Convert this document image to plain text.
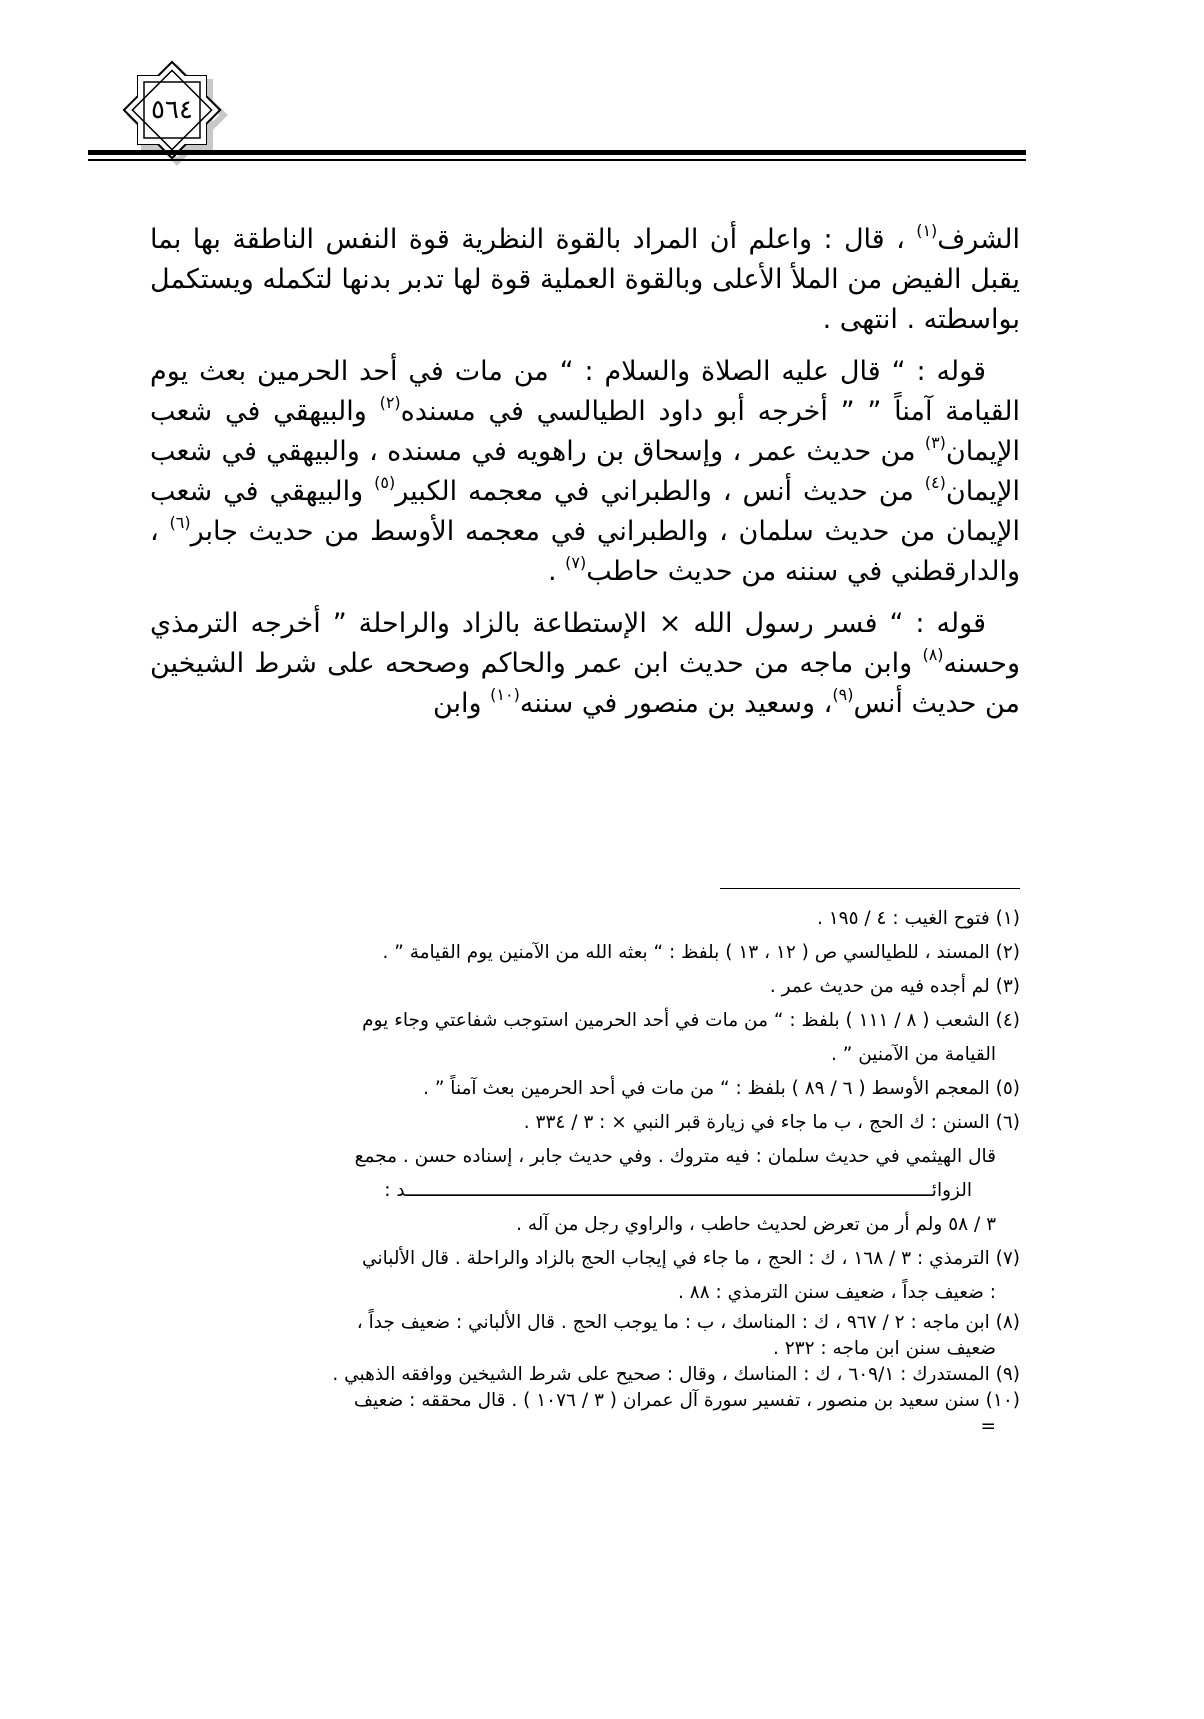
٥٦٤

الشرف$^{(١)}$ ، قال : واعلم أن المراد بالقوة النظرية قوة النفس الناطقة بها بما يقبل الفيض من الملأ الأعلى وبالقوة العملية قوة لها تدبر بدنها لتكمله ويستكمل بواسطته . انتهى .

قوله : “ قال عليه الصلاة والسلام : “ من مات في أحد الحرمين بعث يوم القيامة آمناً ” ” أخرجه أبو داود الطيالسي في مسنده$^{(٢)}$ والبيهقي في شعب الإيمان$^{(٣)}$ من حديث عمر ، وإسحاق بن راهويه في مسنده ، والبيهقي في شعب الإيمان$^{(٤)}$ من حديث أنس ، والطبراني في معجمه الكبير$^{(٥)}$ والبيهقي في شعب الإيمان من حديث سلمان ، والطبراني في معجمه الأوسط من حديث جابر$^{(٦)}$ ، والدارقطني في سننه من حديث حاطب$^{(٧)}$ .

قوله : “ فسر رسول الله × الإستطاعة بالزاد والراحلة ” أخرجه الترمذي وحسنه$^{(٨)}$ وابن ماجه من حديث ابن عمر والحاكم وصححه على شرط الشيخين من حديث أنس$^{(٩)}$، وسعيد بن منصور في سننه$^{(١٠)}$ وابن

(١) فتوح الغيب : ٤ / ١٩٥ .

(٢) المسند ، للطيالسي ص ( ١٢ ، ١٣ ) بلفظ : “ بعثه الله من الآمنين يوم القيامة ” .

(٣) لم أجده فيه من حديث عمر .

(٤) الشعب ( ٨ / ١١١ ) بلفظ : “ من مات في أحد الحرمين استوجب شفاعتي وجاء يوم
القيامة من الآمنين ” .

(٥) المعجم الأوسط ( ٦ / ٨٩ ) بلفظ : “ من مات في أحد الحرمين بعث آمناً ” .

(٦) السنن : ك الحج ، ب ما جاء في زيارة قبر النبي × : ٣ / ٣٣٤ .

قال الهيثمي في حديث سلمان : فيه متروك . وفي حديث جابر ، إسناده حسن . مجمع
الزوائـــــــــــــــــــــــــــــــــــــــــــــــــــــــــــــــــــــــــــــــــــــــــــــــــد :

٣ / ٥٨ ولم أر من تعرض لحديث حاطب ، والراوي رجل من آله .

(٧) الترمذي : ٣ / ١٦٨ ، ك : الحج ، ما جاء في إيجاب الحج بالزاد والراحلة . قال الألباني
: ضعيف جداً ، ضعيف سنن الترمذي : ٨٨ .

(٨) ابن ماجه : ٢ / ٩٦٧ ، ك : المناسك ، ب : ما يوجب الحج . قال الألباني : ضعيف جداً ،
ضعيف سنن ابن ماجه : ٢٣٢ .

(٩) المستدرك : ٦٠٩/١ ، ك : المناسك ، وقال : صحيح على شرط الشيخين ووافقه الذهبي .

(١٠) سنن سعيد بن منصور ، تفسير سورة آل عمران ( ٣ / ١٠٧٦ ) . قال محققه : ضعيف
=
